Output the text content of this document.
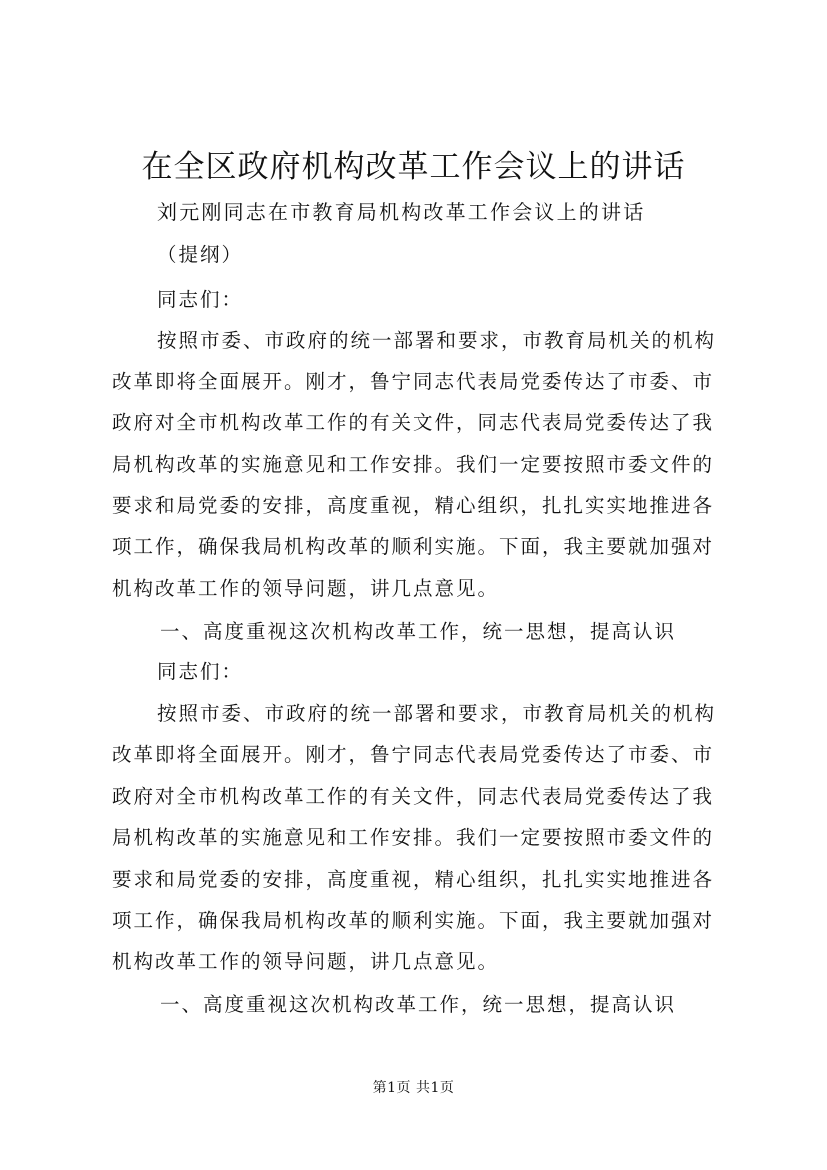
在全区政府机构改革工作会议上的讲话
刘元刚同志在市教育局机构改革工作会议上的讲话
（提纲）
同志们：
按照市委、市政府的统一部署和要求，市教育局机关的机构
改革即将全面展开。刚才，鲁宁同志代表局党委传达了市委、市
政府对全市机构改革工作的有关文件，同志代表局党委传达了我
局机构改革的实施意见和工作安排。我们一定要按照市委文件的
要求和局党委的安排，高度重视，精心组织，扎扎实实地推进各
项工作，确保我局机构改革的顺利实施。下面，我主要就加强对
机构改革工作的领导问题，讲几点意见。
一、高度重视这次机构改革工作，统一思想，提高认识
同志们：
按照市委、市政府的统一部署和要求，市教育局机关的机构
改革即将全面展开。刚才，鲁宁同志代表局党委传达了市委、市
政府对全市机构改革工作的有关文件，同志代表局党委传达了我
局机构改革的实施意见和工作安排。我们一定要按照市委文件的
要求和局党委的安排，高度重视，精心组织，扎扎实实地推进各
项工作，确保我局机构改革的顺利实施。下面，我主要就加强对
机构改革工作的领导问题，讲几点意见。
一、高度重视这次机构改革工作，统一思想，提高认识
第1页 共1页
